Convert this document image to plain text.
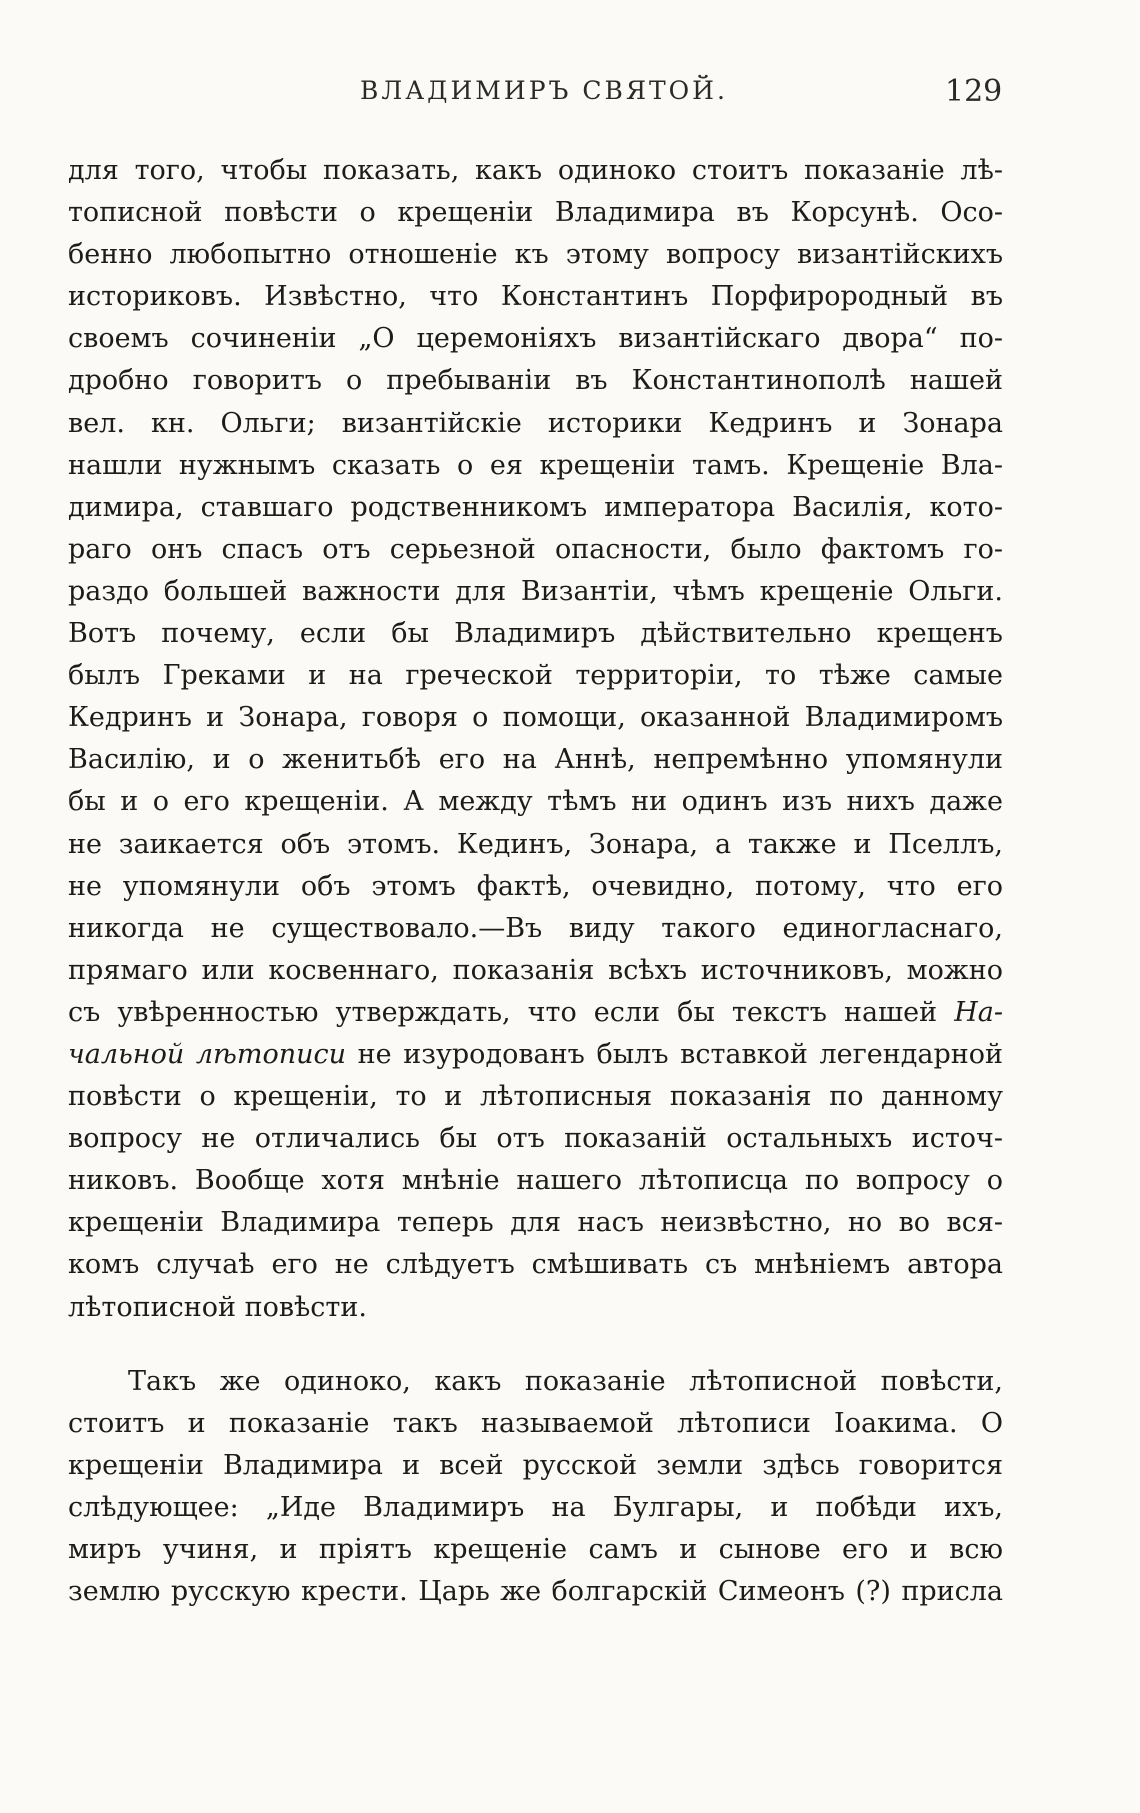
ВЛАДИМИРЪ СВЯТОЙ.	129
для того, чтобы показать, какъ одиноко стоитъ показаніе лѣ-
тописной повѣсти о крещеніи Владимира въ Корсунѣ. Осо-
бенно любопытно отношеніе къ этому вопросу византійскихъ
историковъ. Извѣстно, что Константинъ Порфирородный въ
своемъ сочиненіи „О церемоніяхъ византійскаго двора“ по-
дробно говоритъ о пребываніи въ Константинополѣ нашей
вел. кн. Ольги; византійскіе историки Кедринъ и Зонара
нашли нужнымъ сказать о ея крещеніи тамъ. Крещеніе Вла-
димира, ставшаго родственникомъ императора Василія, кото-
раго онъ спасъ отъ серьезной опасности, было фактомъ го-
раздо большей важности для Византіи, чѣмъ крещеніе Ольги.
Вотъ почему, если бы Владимиръ дѣйствительно крещенъ
былъ Греками и на греческой территоріи, то тѣже самые
Кедринъ и Зонара, говоря о помощи, оказанной Владимиромъ
Василію, и о женитьбѣ его на Аннѣ, непремѣнно упомянули
бы и о его крещеніи. А между тѣмъ ни одинъ изъ нихъ даже
не заикается объ этомъ. Кединъ, Зонара, а также и Пселлъ,
не упомянули объ этомъ фактѣ, очевидно, потому, что его
никогда не существовало.—Въ виду такого единогласнаго,
прямаго или косвеннаго, показанія всѣхъ источниковъ, можно
съ увѣренностью утверждать, что если бы текстъ нашей На-
чальной лѣтописи не изуродованъ былъ вставкой легендарной
повѣсти о крещеніи, то и лѣтописныя показанія по данному
вопросу не отличались бы отъ показаній остальныхъ источ-
никовъ. Вообще хотя мнѣніе нашего лѣтописца по вопросу о
крещеніи Владимира теперь для насъ неизвѣстно, но во вся-
комъ случаѣ его не слѣдуетъ смѣшивать съ мнѣніемъ автора
лѣтописной повѣсти.
Такъ же одиноко, какъ показаніе лѣтописной повѣсти,
стоитъ и показаніе такъ называемой лѣтописи Іоакима. О
крещеніи Владимира и всей русской земли здѣсь говорится
слѣдующее: „Иде Владимиръ на Булгары, и побѣди ихъ,
миръ учиня, и пріятъ крещеніе самъ и сынове его и всю
землю русскую крести. Царь же болгарскій Симеонъ (?) присла
